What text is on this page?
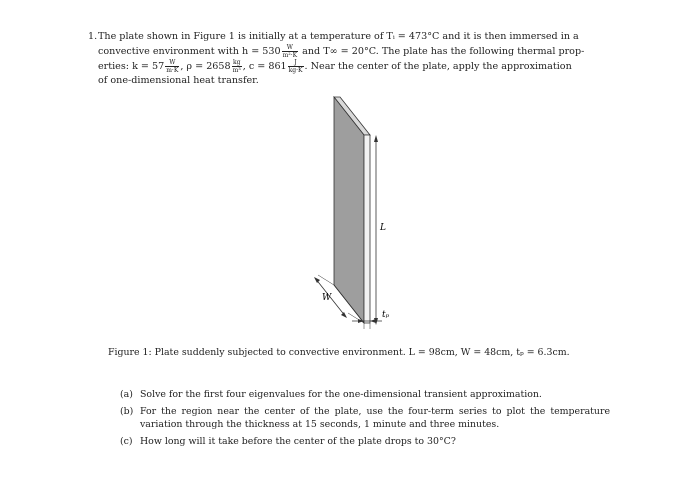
1. The plate shown in Figure 1 is initially at a temperature of Tᵢ = 473°C and it is then immersed in a
convective environment with $h = 530 \frac{W}{\text{m²·K}}$ and T∞ = 20°C. The plate has the following thermal prop-
erties: $k = 57 \frac{W}{m\cdot K}$ , $\rho = 2658 \frac{kg}{\text{m³}}$ , $c = 861 \frac{J}{kg\cdot K}$ . Near the center of the plate, apply the approximation
of one-dimensional heat transfer.
L
W
tₚ
Figure 1: Plate suddenly subjected to convective environment. L = 98cm, W = 48cm, tₚ = 6.3cm.
(a) Solve for the first four eigenvalues for the one-dimensional transient approximation.
(b) For the region near the center of the plate, use the four-term series to plot the temperature variation through the thickness at 15 seconds, 1 minute and three minutes.
(c) How long will it take before the center of the plate drops to 30°C?
